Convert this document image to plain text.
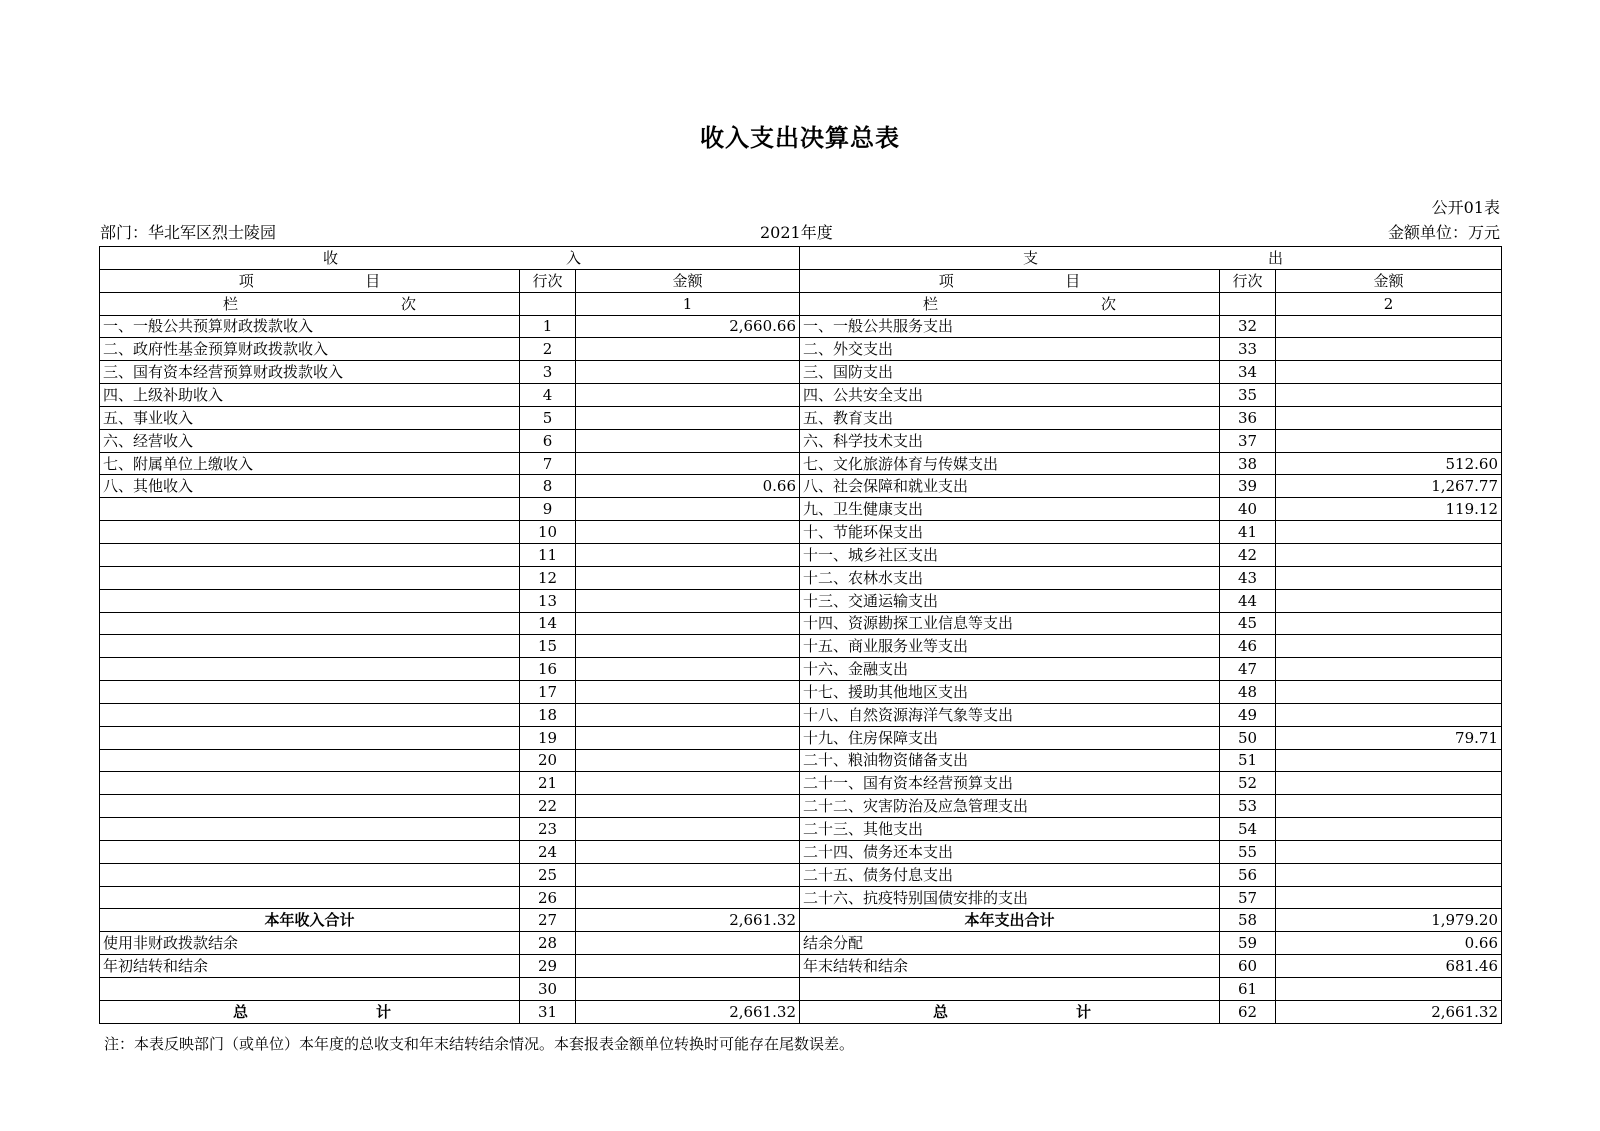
收入支出决算总表
公开01表
部门：华北军区烈士陵园	2021年度	金额单位：万元
收 入			支 出		

项 目	行次	金额	项 目	行次	金额

栏 次		1	栏 次		2
一、一般公共预算财政拨款收入	1	2,660.66	一、一般公共服务支出	32	
二、政府性基金预算财政拨款收入	2		二、外交支出	33	
三、国有资本经营预算财政拨款收入	3		三、国防支出	34	
四、上级补助收入	4		四、公共安全支出	35	
五、事业收入	5		五、教育支出	36	
六、经营收入	6		六、科学技术支出	37	
七、附属单位上缴收入	7		七、文化旅游体育与传媒支出	38	512.60
八、其他收入	8	0.66	八、社会保障和就业支出	39	1,267.77
	9		九、卫生健康支出	40	119.12
	10		十、节能环保支出	41	
	11		十一、城乡社区支出	42	
	12		十二、农林水支出	43	
	13		十三、交通运输支出	44	
	14		十四、资源勘探工业信息等支出	45	
	15		十五、商业服务业等支出	46	
	16		十六、金融支出	47	
	17		十七、援助其他地区支出	48	
	18		十八、自然资源海洋气象等支出	49	
	19		十九、住房保障支出	50	79.71
	20		二十、粮油物资储备支出	51	
	21		二十一、国有资本经营预算支出	52	
	22		二十二、灾害防治及应急管理支出	53	
	23		二十三、其他支出	54	
	24		二十四、债务还本支出	55	
	25		二十五、债务付息支出	56	
	26		二十六、抗疫特别国债安排的支出	57	
本年收入合计	27	2,661.32	本年支出合计	58	1,979.20
使用非财政拨款结余	28		结余分配	59	0.66
年初结转和结余	29		年末结转和结余	60	681.46
	30			61	

总 计	31	2,661.32	总 计	62	2,661.32
注：本表反映部门（或单位）本年度的总收支和年末结转结余情况。本套报表金额单位转换时可能存在尾数误差。
